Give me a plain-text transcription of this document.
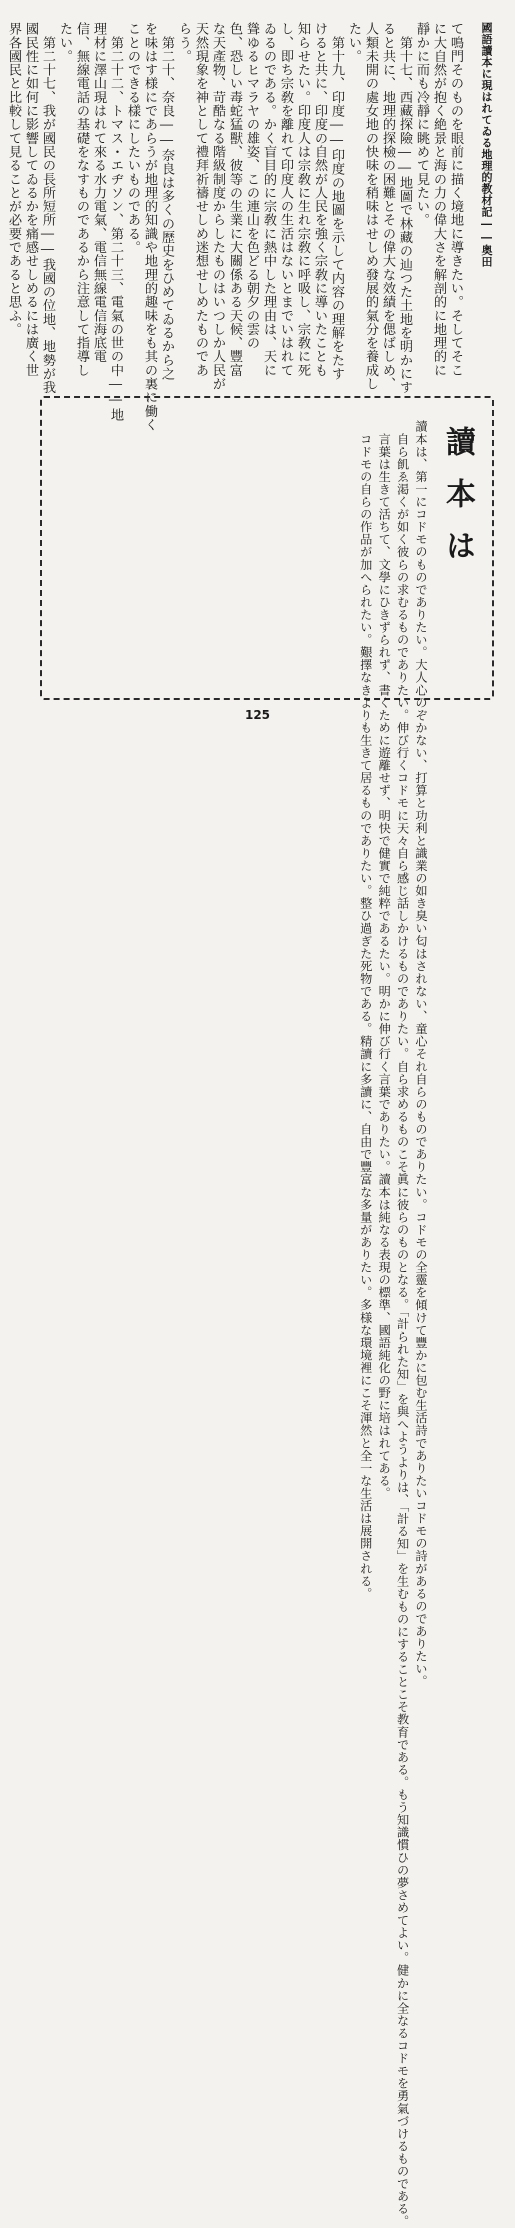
國語讀本に現はれてゐる地理的教材記――奥田
て鳴門そのものを眼前に描く境地に導きたい。そしてそこ
に大自然が抱く絶景と海の力の偉大さを解剖的に地理的に
靜かに而も冷靜に眺めて見たい。
　第十七、西藏探險――地圖で林藏の辿つた土地を明かにす
ると共に、地理的探檢の困難とその偉大な效績を偲ばしめ、
人類未開の處女地の快味を稍味はせしめ發展的氣分を養成し
たい。
　第十九、印度――印度の地圖を示して内容の理解をたす
けると共に、印度の自然が人民を強く宗敎に導いたことも
知らせたい。印度人は宗敎に生れ宗敎に呼吸し、宗敎に死
し、即ち宗敎を離れて印度人の生活はないとまでいはれて
ゐるのである。かく盲目的に宗敎に熱中した理由は、天に
聳ゆるヒマラヤの雄姿、この連山を色どる朝夕の雲の
色、恐しい毒蛇猛獸、彼等の生業に大關係ある天候、豐富
な天產物、苛酷なる階級制度からしたものはいつしか人民が
天然現象を神として禮拜祈禱せしめ迷想せしめたものであ
らう。
　第二十、奈良――奈良は多くの歷史をひめてゐるから之
を味はす様にであらうが地理的知識や地理的趣味をも其の裏に働く
ことのできる樣にしたいものである。
　第二十二、トマス・エヂソン、第二十三、電氣の世の中――地
理材に澤山現はれて來る水力電氣、電信無線電信海底電
信、無線電話の基礎をなすものであるから注意して指導し
たい。
　第二十七、我が國民の長所短所――我國の位地、地勢が我
國民性に如何に影響してゐるかを痛感せしめるには廣く世
界各國民と比較して見ることが必要であると思ふ。
讀本は
讀本は、第一にコドモのものでありたい。大人心のぞかない、打算と功利と識業の如き臭い匂はされない、童心それ自らのものでありたい。コドモの全靈を傾けて豐かに包む生活詩でありたいコドモの詩があるのでありたい。
　自ら飢ゑ渇くが如く彼らの求むるものでありたい。伸び行くコドモに天々自ら感じ話しかけるものでありたい。自ら求めるものこそ眞に彼らのものとなる。「計られた知」を與へようよりは、「計る知」を生むものにすることこそ教育である。もう知識慣ひの夢さめてよい。健かに全なるコドモを勇氣づけるものである。
　言葉は生きて活ちて、文學にひきずられず、書くために遊離せず、明快で健實で純粹であるたい。明かに伸び行く言葉でありたい。讀本は純なる表現の標準、國語純化の野に培はれてある。
　コドモの自らの作品が加へられたい。艱擇なきよりも生きて居るものでありたい。整ひ過ぎた死物である。精讀に多讀に、自由で豐富な多量がありたい。多様な環境裡にこそ渾然と全一な生活は展開される。
125
